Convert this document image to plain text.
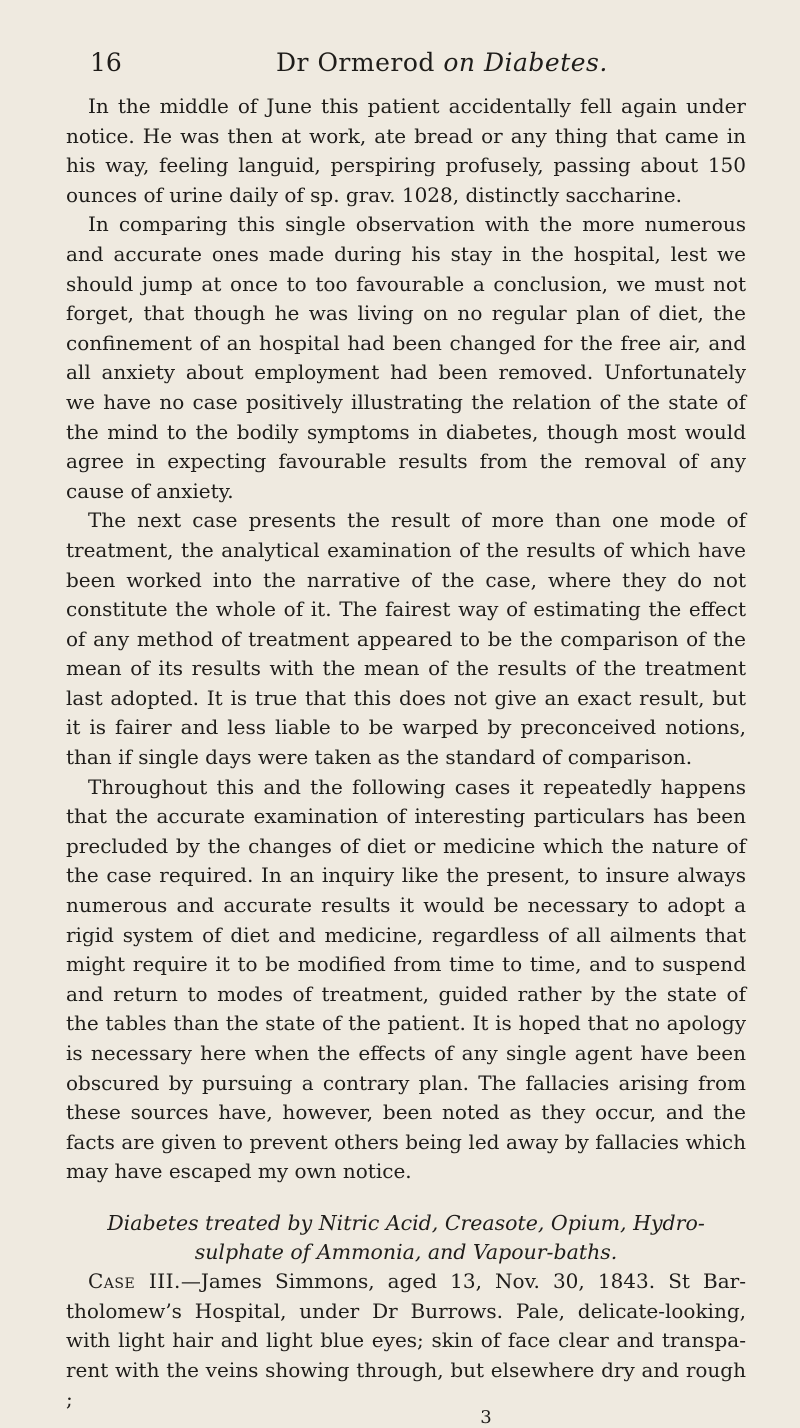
16	Dr Ormerod on Diabetes.

In the middle of June this patient accidentally fell again under notice. He was then at work, ate bread or any thing that came in his way, feeling languid, perspiring profusely, passing about 150 ounces of urine daily of sp. grav. 1028, distinctly saccharine.

In comparing this single observation with the more numerous and accurate ones made during his stay in the hospital, lest we should jump at once to too favourable a conclusion, we must not forget, that though he was living on no regular plan of diet, the confinement of an hospital had been changed for the free air, and all anxiety about employment had been removed. Unfortunately we have no case positively illustrating the relation of the state of the mind to the bodily symptoms in diabetes, though most would agree in expecting favourable results from the removal of any cause of anxiety.

The next case presents the result of more than one mode of treatment, the analytical examination of the results of which have been worked into the narrative of the case, where they do not constitute the whole of it. The fairest way of estimating the effect of any method of treatment appeared to be the comparison of the mean of its results with the mean of the results of the treatment last adopted. It is true that this does not give an exact result, but it is fairer and less liable to be warped by preconceived notions, than if single days were taken as the standard of comparison.

Throughout this and the following cases it repeatedly happens that the accurate examination of interesting particulars has been precluded by the changes of diet or medicine which the nature of the case required. In an inquiry like the present, to insure always numerous and accurate results it would be necessary to adopt a rigid system of diet and medicine, regardless of all ailments that might require it to be modified from time to time, and to suspend and return to modes of treatment, guided rather by the state of the tables than the state of the patient. It is hoped that no apology is necessary here when the effects of any single agent have been obscured by pursuing a contrary plan. The fallacies arising from these sources have, however, been noted as they occur, and the facts are given to prevent others being led away by fallacies which may have escaped my own notice.

Diabetes treated by Nitric Acid, Creasote, Opium, Hydrosulphate of Ammonia, and Vapour-baths.

Case III.—James Simmons, aged 13, Nov. 30, 1843. St Bartholomew’s Hospital, under Dr Burrows. Pale, delicate-looking, with light hair and light blue eyes; skin of face clear and transparent with the veins showing through, but elsewhere dry and rough ;

3
